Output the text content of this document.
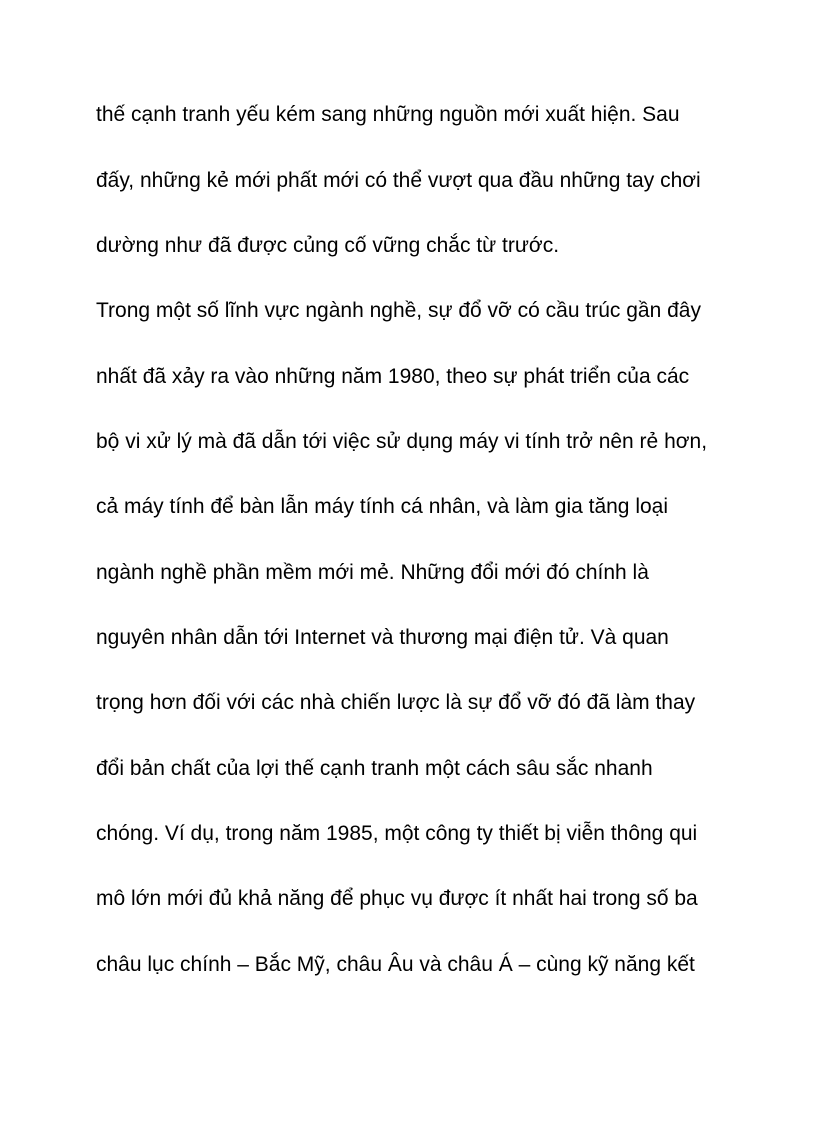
thế cạnh tranh yếu kém sang những nguồn mới xuất hiện. Sau
đấy, những kẻ mới phất mới có thể vượt qua đầu những tay chơi
dường như đã được củng cố vững chắc từ trước.
Trong một số lĩnh vực ngành nghề, sự đổ vỡ có cầu trúc gần đây
nhất đã xảy ra vào những năm 1980, theo sự phát triển của các
bộ vi xử lý mà đã dẫn tới việc sử dụng máy vi tính trở nên rẻ hơn,
cả máy tính để bàn lẫn máy tính cá nhân, và làm gia tăng loại
ngành nghề phần mềm mới mẻ. Những đổi mới đó chính là
nguyên nhân dẫn tới Internet và thương mại điện tử. Và quan
trọng hơn đối với các nhà chiến lược là sự đổ vỡ đó đã làm thay
đổi bản chất của lợi thế cạnh tranh một cách sâu sắc nhanh
chóng. Ví dụ, trong năm 1985, một công ty thiết bị viễn thông qui
mô lớn mới đủ khả năng để phục vụ được ít nhất hai trong số ba
châu lục chính – Bắc Mỹ, châu Âu và châu Á – cùng kỹ năng kết
